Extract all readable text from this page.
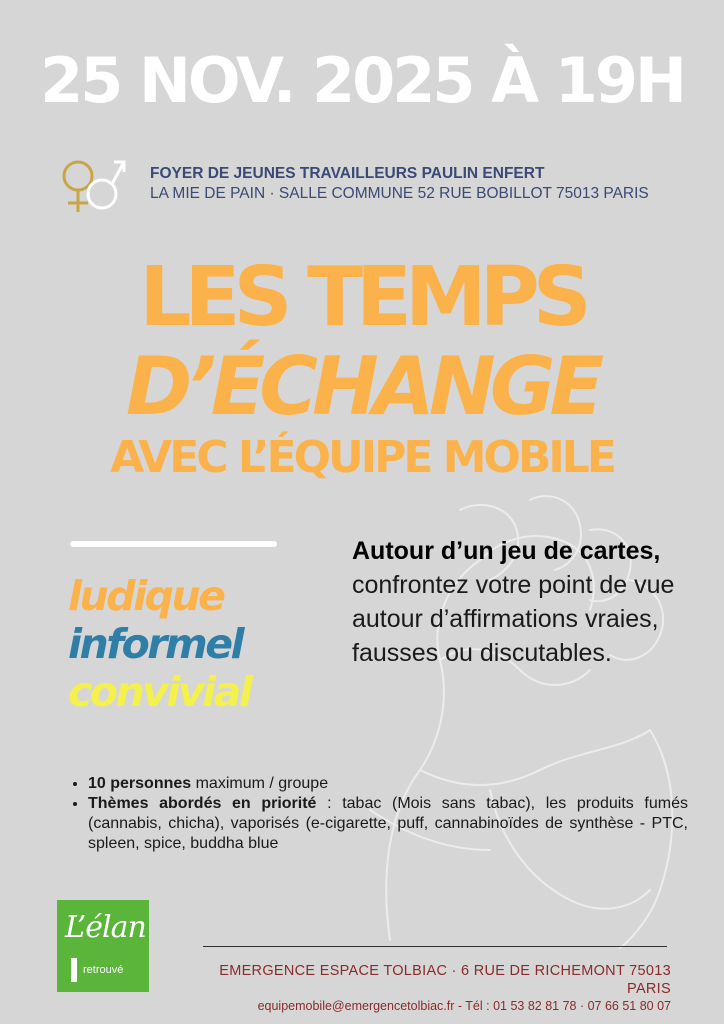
25 NOV. 2025 À 19H
FOYER DE JEUNES TRAVAILLEURS PAULIN ENFERT
LA MIE DE PAIN · SALLE COMMUNE 52 RUE BOBILLOT 75013 PARIS
LES TEMPS
D’ÉCHANGE
AVEC L’ÉQUIPE MOBILE
ludique
informel
convivial
Autour d’un jeu de cartes, confrontez votre point de vue autour d’affirmations vraies, fausses ou discutables.
• 10 personnes maximum / groupe
• Thèmes abordés en priorité : tabac (Mois sans tabac), les produits fumés (cannabis, chicha), vaporisés (e-cigarette, puff, cannabinoïdes de synthèse - PTC, spleen, spice, buddha blue
L’élan
retrouvé	EMERGENCE ESPACE TOLBIAC · 6 RUE DE RICHEMONT 75013 PARIS
equipemobile@emergencetolbiac.fr - Tél : 01 53 82 81 78 · 07 66 51 80 07
